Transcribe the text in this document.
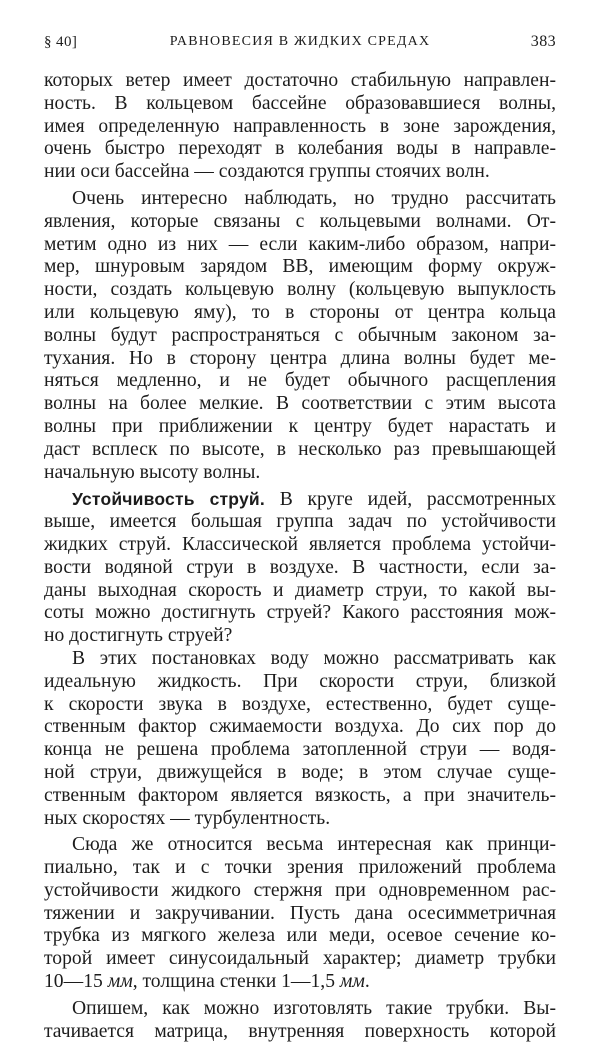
§ 40]	РАВНОВЕСИЯ В ЖИДКИХ СРЕДАХ	383
которых ветер имеет достаточно стабильную направлен-
ность. В кольцевом бассейне образовавшиеся волны,
имея определенную направленность в зоне зарождения,
очень быстро переходят в колебания воды в направле-
нии оси бассейна — создаются группы стоячих волн.
Очень интересно наблюдать, но трудно рассчитать
явления, которые связаны с кольцевыми волнами. От-
метим одно из них — если каким-либо образом, напри-
мер, шнуровым зарядом ВВ, имеющим форму окруж-
ности, создать кольцевую волну (кольцевую выпуклость
или кольцевую яму), то в стороны от центра кольца
волны будут распространяться с обычным законом за-
тухания. Но в сторону центра длина волны будет ме-
няться медленно, и не будет обычного расщепления
волны на более мелкие. В соответствии с этим высота
волны при приближении к центру будет нарастать и
даст всплеск по высоте, в несколько раз превышающей
начальную высоту волны.
Устойчивость струй. В круге идей, рассмотренных
выше, имеется большая группа задач по устойчивости
жидких струй. Классической является проблема устойчи-
вости водяной струи в воздухе. В частности, если за-
даны выходная скорость и диаметр струи, то какой вы-
соты можно достигнуть струей? Какого расстояния мож-
но достигнуть струей?
В этих постановках воду можно рассматривать как
идеальную жидкость. При скорости струи, близкой
к скорости звука в воздухе, естественно, будет суще-
ственным фактор сжимаемости воздуха. До сих пор до
конца не решена проблема затопленной струи — водя-
ной струи, движущейся в воде; в этом случае суще-
ственным фактором является вязкость, а при значитель-
ных скоростях — турбулентность.
Сюда же относится весьма интересная как принци-
пиально, так и с точки зрения приложений проблема
устойчивости жидкого стержня при одновременном рас-
тяжении и закручивании. Пусть дана осесимметричная
трубка из мягкого железа или меди, осевое сечение ко-
торой имеет синусоидальный характер; диаметр трубки
10—15 мм, толщина стенки 1—1,5 мм.
Опишем, как можно изготовлять такие трубки. Вы-
тачивается матрица, внутренняя поверхность которой
